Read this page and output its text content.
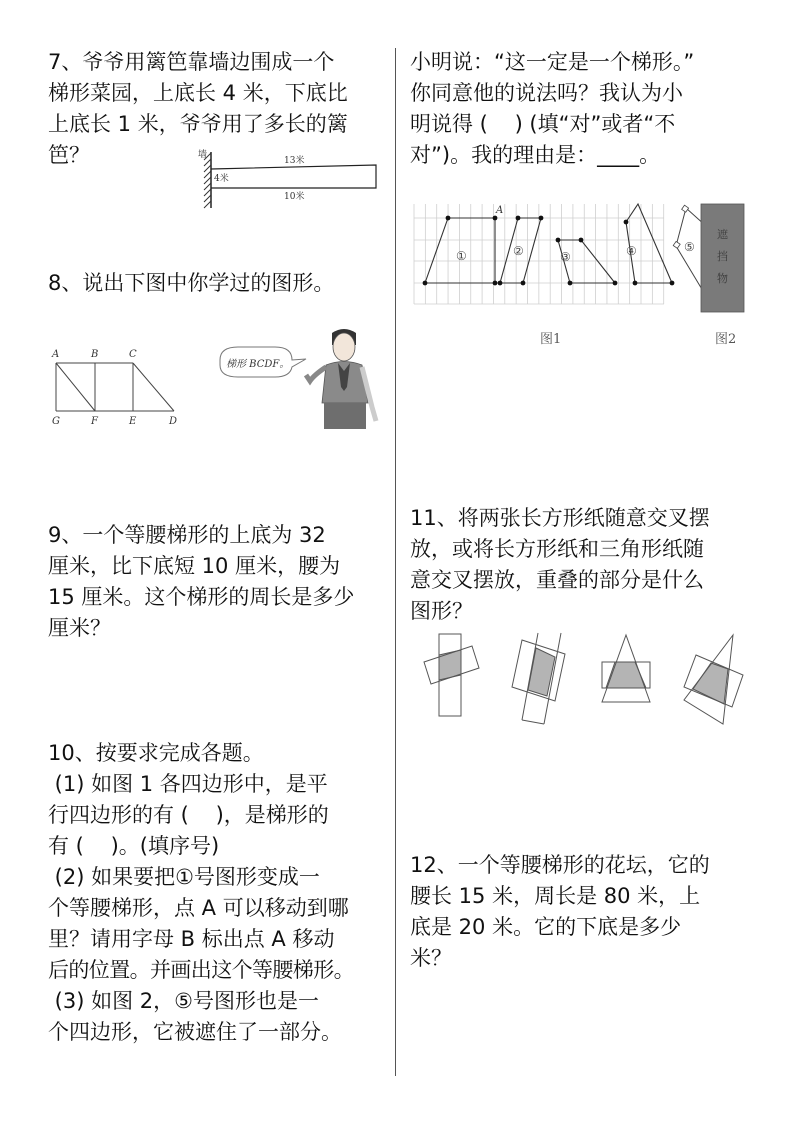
7、爷爷用篱笆靠墙边围成一个
梯形菜园，上底长 4 米，下底比
上底长 1 米，爷爷用了多长的篱
笆？	墙
13米
4米
10米
8、说出下图中你学过的图形。
A	B	C
G	F	E	D
梯形 BCDF。
9、一个等腰梯形的上底为 32
厘米，比下底短 10 厘米，腰为
15 厘米。这个梯形的周长是多少
厘米？
10、按要求完成各题。
(1) 如图 1 各四边形中，是平
行四边形的有 (    )，是梯形的
有 (    )。(填序号)
(2) 如果要把①号图形变成一
个等腰梯形，点 A 可以移动到哪
里？请用字母 B 标出点 A 移动
后的位置。并画出这个等腰梯形。
(3) 如图 2，⑤号图形也是一
个四边形，它被遮住了一部分。
小明说：“这一定是一个梯形。”
你同意他的说法吗？我认为小
明说得 (    ) (填“对”或者“不
对”)。我的理由是：____。
A
①	②	③	④
图1
⑤
遮
挡
物
图2
11、将两张长方形纸随意交叉摆
放，或将长方形纸和三角形纸随
意交叉摆放，重叠的部分是什么
图形？
12、一个等腰梯形的花坛，它的
腰长 15 米，周长是 80 米，上
底是 20 米。它的下底是多少
米？
